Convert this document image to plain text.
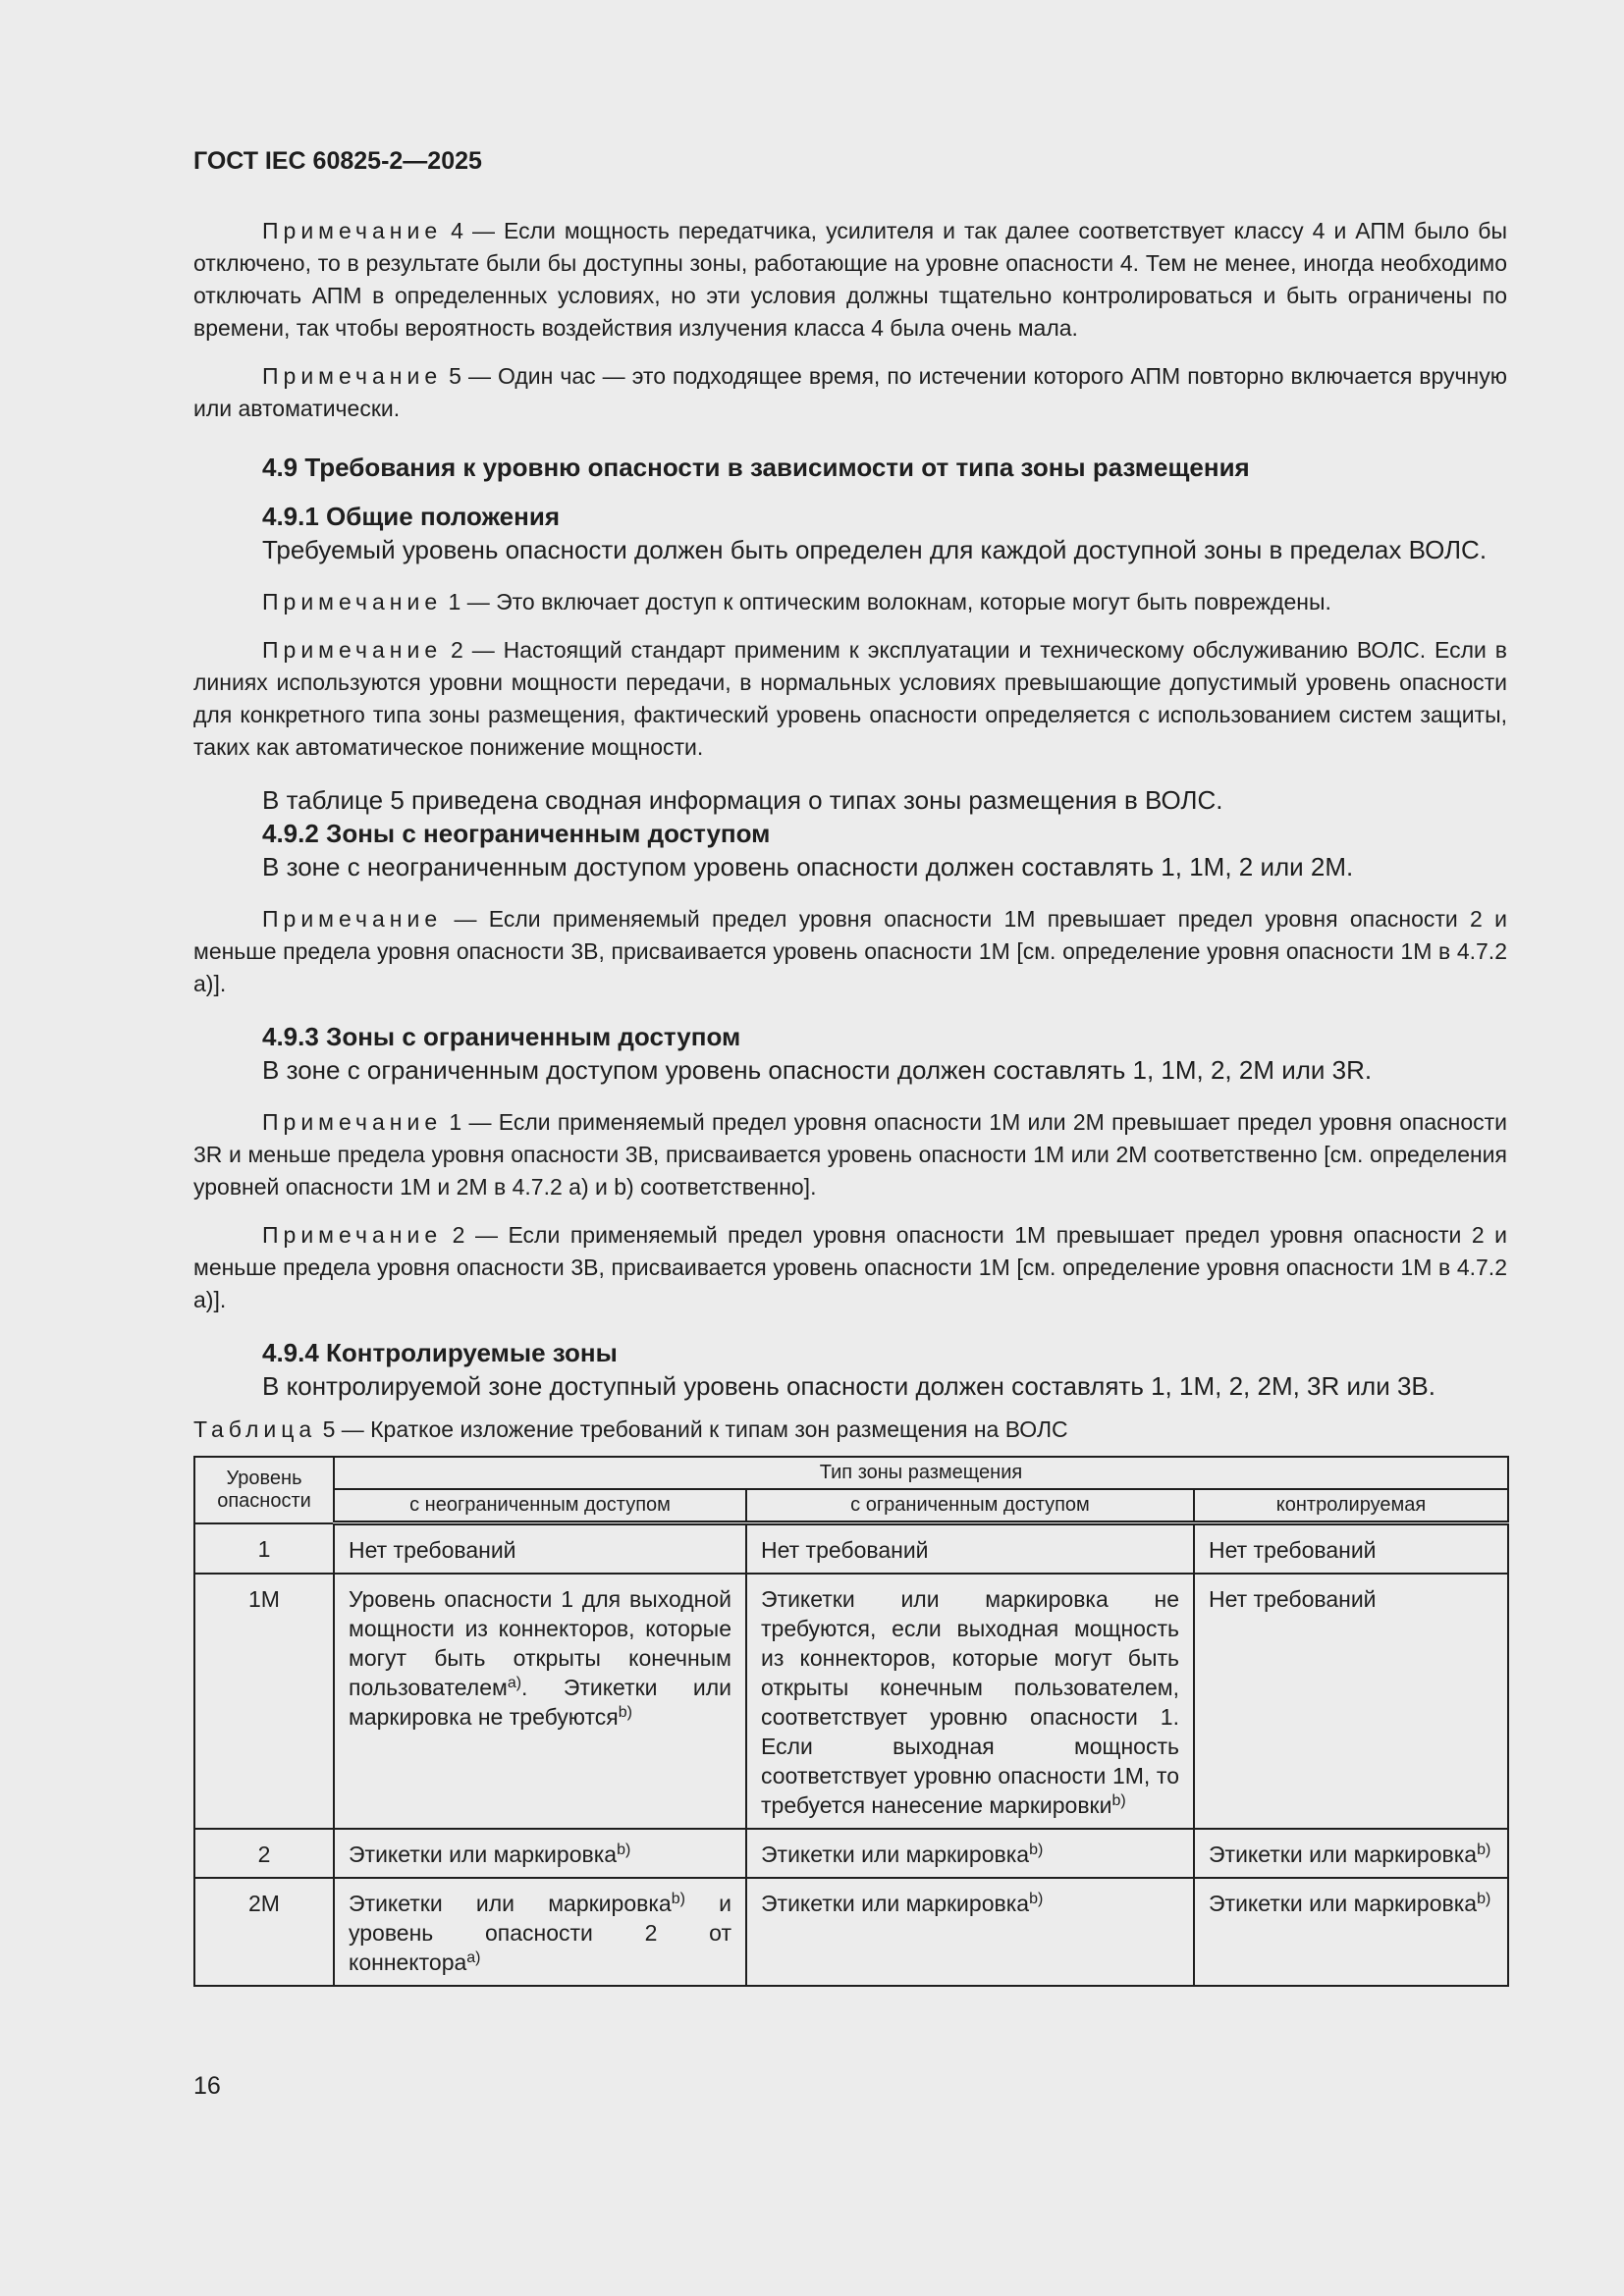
ГОСТ IEC 60825-2—2025

Примечание 4 — Если мощность передатчика, усилителя и так далее соответствует классу 4 и АПМ было бы отключено, то в результате были бы доступны зоны, работающие на уровне опасности 4. Тем не менее, иногда необходимо отключать АПМ в определенных условиях, но эти условия должны тщательно контролироваться и быть ограничены по времени, так чтобы вероятность воздействия излучения класса 4 была очень мала.

Примечание 5 — Один час — это подходящее время, по истечении которого АПМ повторно включается вручную или автоматически.

4.9 Требования к уровню опасности в зависимости от типа зоны размещения
4.9.1 Общие положения

Требуемый уровень опасности должен быть определен для каждой доступной зоны в пределах ВОЛС.

Примечание 1 — Это включает доступ к оптическим волокнам, которые могут быть повреждены.

Примечание 2 — Настоящий стандарт применим к эксплуатации и техническому обслуживанию ВОЛС. Если в линиях используются уровни мощности передачи, в нормальных условиях превышающие допустимый уровень опасности для конкретного типа зоны размещения, фактический уровень опасности определяется с использованием систем защиты, таких как автоматическое понижение мощности.

В таблице 5 приведена сводная информация о типах зоны размещения в ВОЛС.

4.9.2 Зоны с неограниченным доступом

В зоне с неограниченным доступом уровень опасности должен составлять 1, 1М, 2 или 2М.

Примечание — Если применяемый предел уровня опасности 1М превышает предел уровня опасности 2 и меньше предела уровня опасности 3В, присваивается уровень опасности 1М [см. определение уровня опасности 1М в 4.7.2 а)].

4.9.3 Зоны с ограниченным доступом

В зоне с ограниченным доступом уровень опасности должен составлять 1, 1М, 2, 2М или 3R.

Примечание 1 — Если применяемый предел уровня опасности 1М или 2М превышает предел уровня опасности 3R и меньше предела уровня опасности 3В, присваивается уровень опасности 1М или 2М соответственно [см. определения уровней опасности 1М и 2М в 4.7.2 а) и b) соответственно].

Примечание 2 — Если применяемый предел уровня опасности 1М превышает предел уровня опасности 2 и меньше предела уровня опасности 3В, присваивается уровень опасности 1М [см. определение уровня опасности 1М в 4.7.2 а)].

4.9.4 Контролируемые зоны

В контролируемой зоне доступный уровень опасности должен составлять 1, 1М, 2, 2М, 3R или 3В.

Таблица 5 — Краткое изложение требований к типам зон размещения на ВОЛС
Уровень опасности	Тип зоны размещения		
	с неограниченным доступом	с ограниченным доступом	контролируемая
1	Нет требований	Нет требований	Нет требований
1М	Уровень опасности 1 для выходной мощности из коннекторов, которые могут быть открыты конечным пользователем$^{a)}$. Этикетки или маркировка не требуются$^{b)}$	Этикетки или маркировка не требуются, если выходная мощность из коннекторов, которые могут быть открыты конечным пользователем, соответствует уровню опасности 1. Если выходная мощность соответствует уровню опасности 1М, то требуется нанесение маркировки$^{b)}$	Нет требований
2	Этикетки или маркировка$^{b)}$	Этикетки или маркировка$^{b)}$	Этикетки или маркировка$^{b)}$
2М	Этикетки или маркировка$^{b)}$ и уровень опасности 2 от коннектора$^{a)}$	Этикетки или маркировка$^{b)}$	Этикетки или маркировка$^{b)}$
16
